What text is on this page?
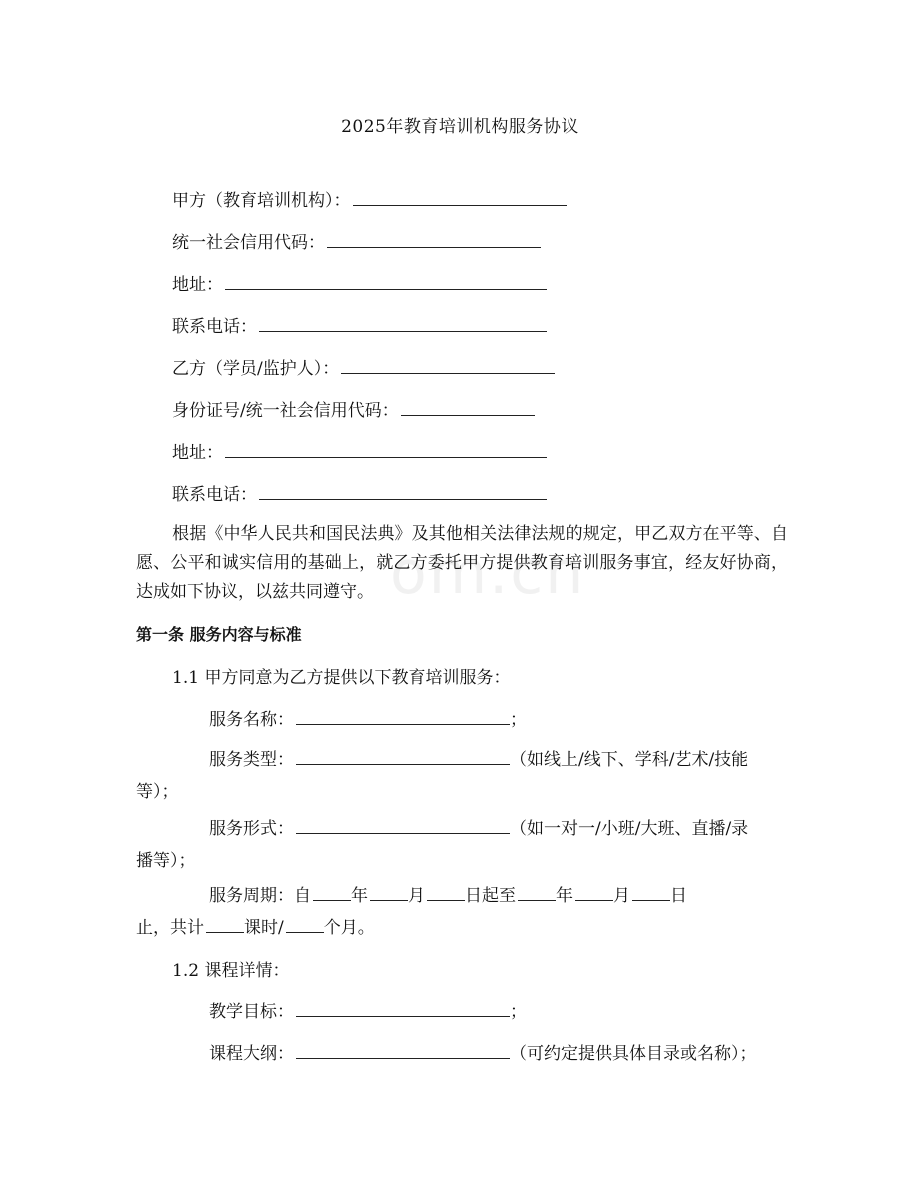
om.cn
2025年教育培训机构服务协议
甲方（教育培训机构）：
统一社会信用代码：
地址：
联系电话：
乙方（学员/监护人）：
身份证号/统一社会信用代码：
地址：
联系电话：
根据《中华人民共和国民法典》及其他相关法律法规的规定，甲乙双方在平等、自愿、公平和诚实信用的基础上，就乙方委托甲方提供教育培训服务事宜，经友好协商，达成如下协议，以兹共同遵守。
第一条 服务内容与标准
1.1 甲方同意为乙方提供以下教育培训服务：
服务名称：	；
服务类型：	（如线上/线下、学科/艺术/技能
等）；
服务形式：	（如一对一/小班/大班、直播/录
播等）；
服务周期：自 年 月 日起至 年 月 日
止，共计 课时/ 个月。
1.2 课程详情：
教学目标：	；
课程大纲：	（可约定提供具体目录或名称）；
